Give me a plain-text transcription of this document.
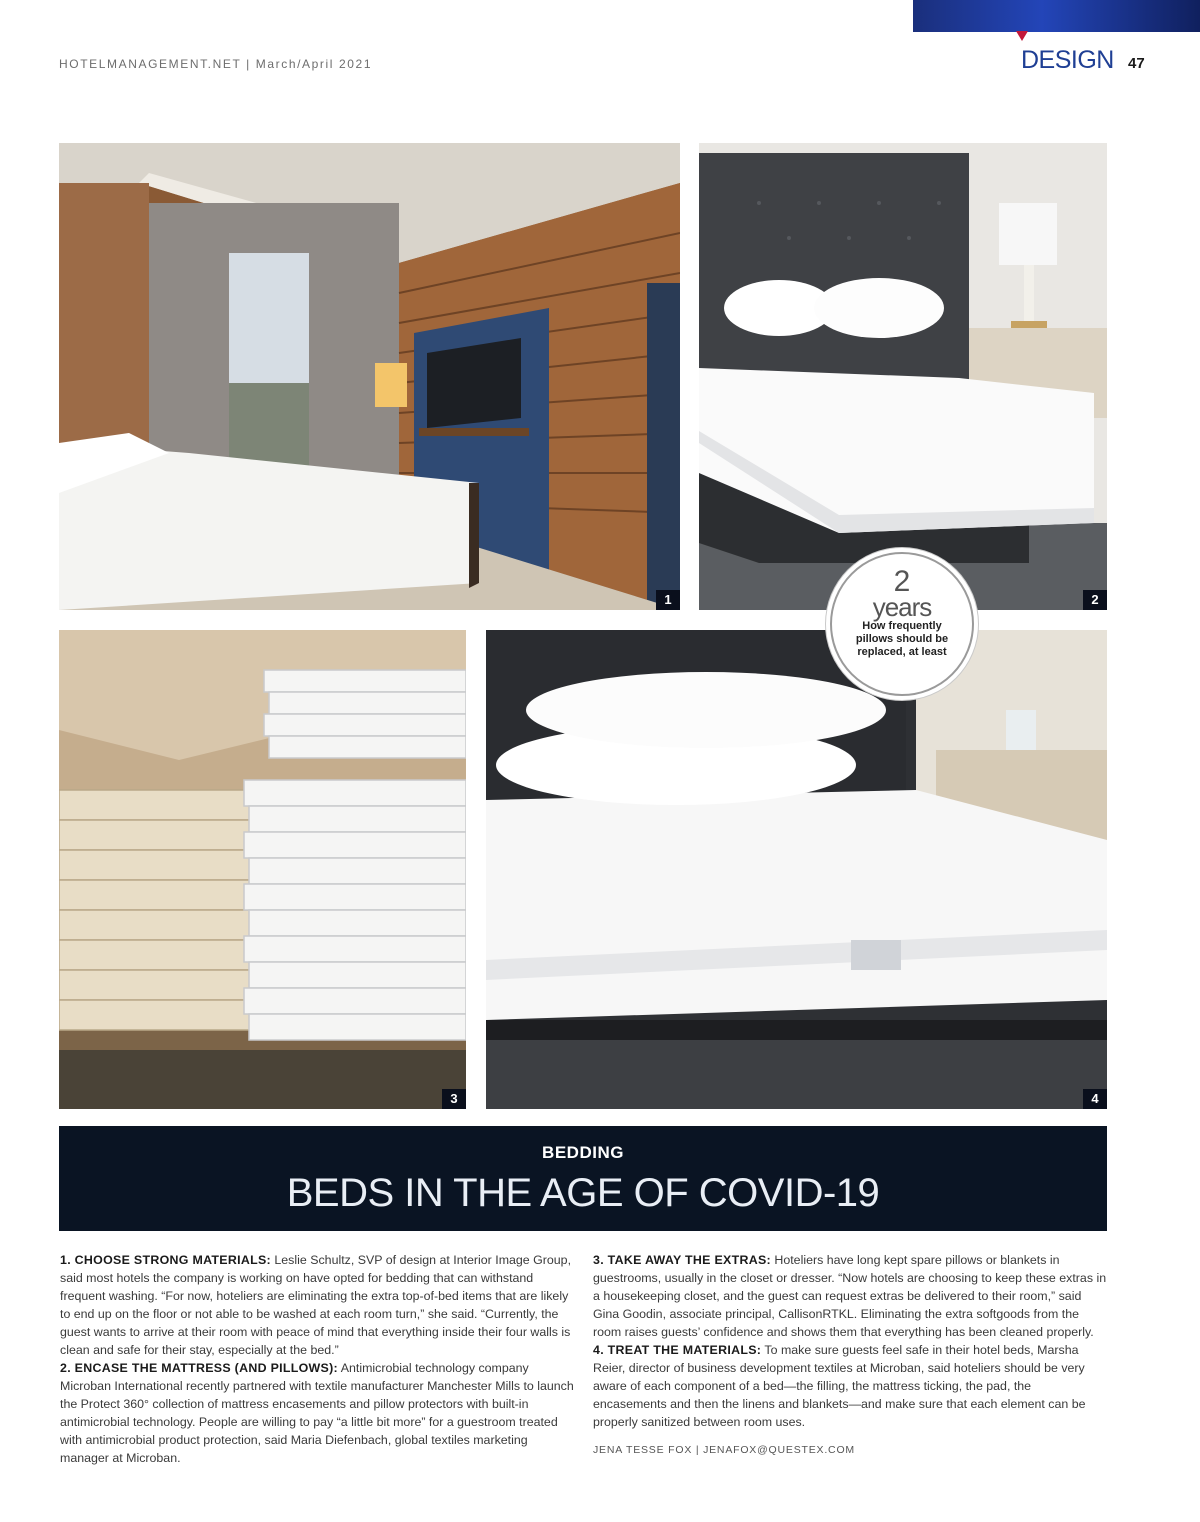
HOTELMANAGEMENT.NET | March/April 2021	DESIGN 47
1	2
3	4
2
years
How frequently pillows should be replaced, at least
BEDDING
BEDS IN THE AGE OF COVID-19

1. CHOOSE STRONG MATERIALS: Leslie Schultz, SVP of design at Interior Image Group, said most hotels the company is working on have opted for bedding that can withstand frequent washing. “For now, hoteliers are eliminating the extra top-of-bed items that are likely to end up on the floor or not able to be washed at each room turn,” she said. “Currently, the guest wants to arrive at their room with peace of mind that everything inside their four walls is clean and safe for their stay, especially at the bed.”

2. ENCASE THE MATTRESS (AND PILLOWS): Antimicrobial technology company Microban International recently partnered with textile manufacturer Manchester Mills to launch the Protect 360° collection of mattress encasements and pillow protectors with built-in antimicrobial technology. People are willing to pay “a little bit more” for a guestroom treated with antimicrobial product protection, said Maria Diefenbach, global textiles marketing manager at Microban.

3. TAKE AWAY THE EXTRAS: Hoteliers have long kept spare pillows or blankets in guestrooms, usually in the closet or dresser. “Now hotels are choosing to keep these extras in a housekeeping closet, and the guest can request extras be delivered to their room,” said Gina Goodin, associate principal, CallisonRTKL. Eliminating the extra softgoods from the room raises guests’ confidence and shows them that everything has been cleaned properly.

4. TREAT THE MATERIALS: To make sure guests feel safe in their hotel beds, Marsha Reier, director of business development textiles at Microban, said hoteliers should be very aware of each component of a bed—the filling, the mattress ticking, the pad, the encasements and then the linens and blankets—and make sure that each element can be properly sanitized between room uses.

JENA TESSE FOX | JENAFOX@QUESTEX.COM
